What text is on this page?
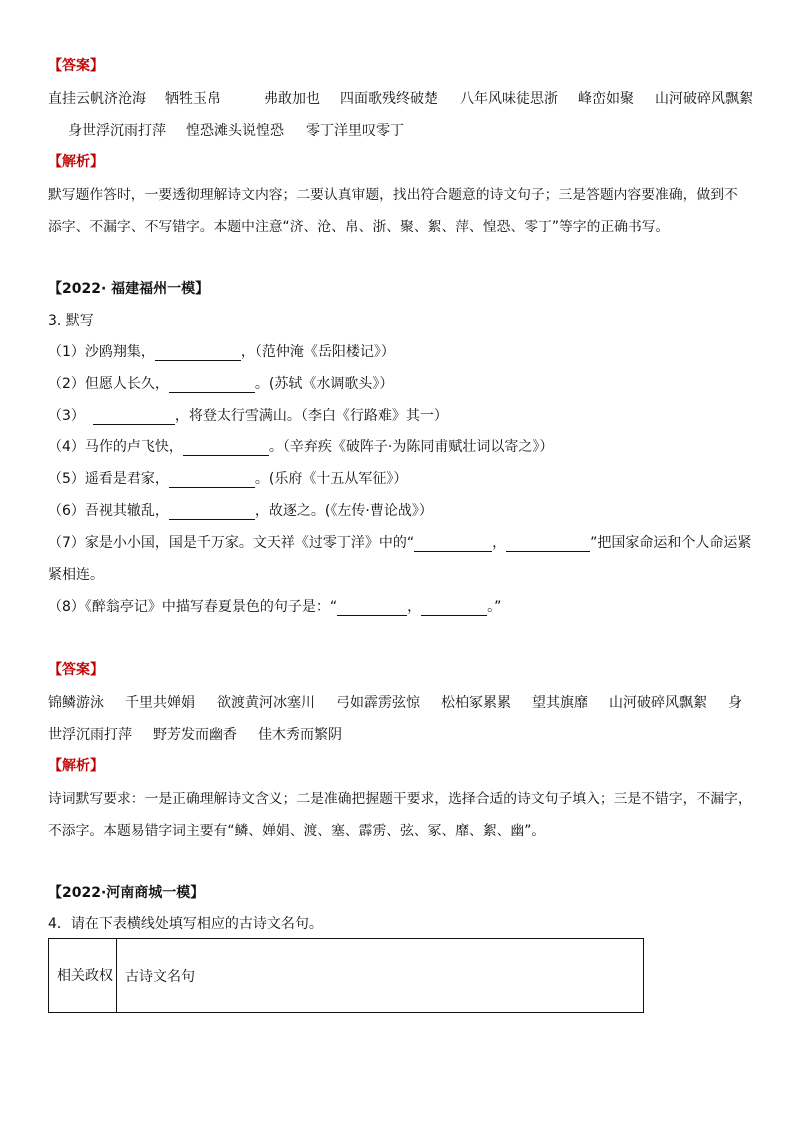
【答案】
直挂云帆济沧海	牺牲玉帛	弗敢加也	四面歌残终破楚	八年风味徒思浙	峰峦如聚	山河破碎风飘絮
身世浮沉雨打萍	惶恐滩头说惶恐	零丁洋里叹零丁
【解析】
默写题作答时，一要透彻理解诗文内容；二要认真审题，找出符合题意的诗文句子；三是答题内容要准确，做到不
添字、不漏字、不写错字。本题中注意“济、沧、帛、浙、聚、絮、萍、惶恐、零丁”等字的正确书写。
【2022· 福建福州一模】
3. 默写
（1）沙鸥翔集，	，（范仲淹《岳阳楼记》）
（2）但愿人长久，	。(苏轼《水调歌头》）
（3）	，将登太行雪满山。（李白《行路难》其一）
（4）马作的卢飞快，	。（辛弃疾《破阵子·为陈同甫赋壮词以寄之》）
（5）遥看是君家，	。(乐府《十五从军征》）
（6）吾视其辙乱，	，故逐之。(《左传·曹论战》）
（7）家是小小国，国是千万家。文天祥《过零丁洋》中的“	，	”把国家命运和个人命运紧
紧相连。
（8）《醉翁亭记》中描写春夏景色的句子是：“	，	。”
【答案】
锦鳞游泳	千里共婵娟	欲渡黄河冰塞川	弓如霹雳弦惊	松柏冢累累	望其旗靡	山河破碎风飘絮	身
世浮沉雨打萍	野芳发而幽香	佳木秀而繁阴
【解析】
诗词默写要求：一是正确理解诗文含义；二是准确把握题干要求，选择合适的诗文句子填入；三是不错字，不漏字，
不添字。本题易错字词主要有“鳞、婵娟、渡、塞、霹雳、弦、冢、靡、絮、幽”。
【2022·河南商城一模】
4．请在下表横线处填写相应的古诗文名句。
相关政权	古诗文名句
